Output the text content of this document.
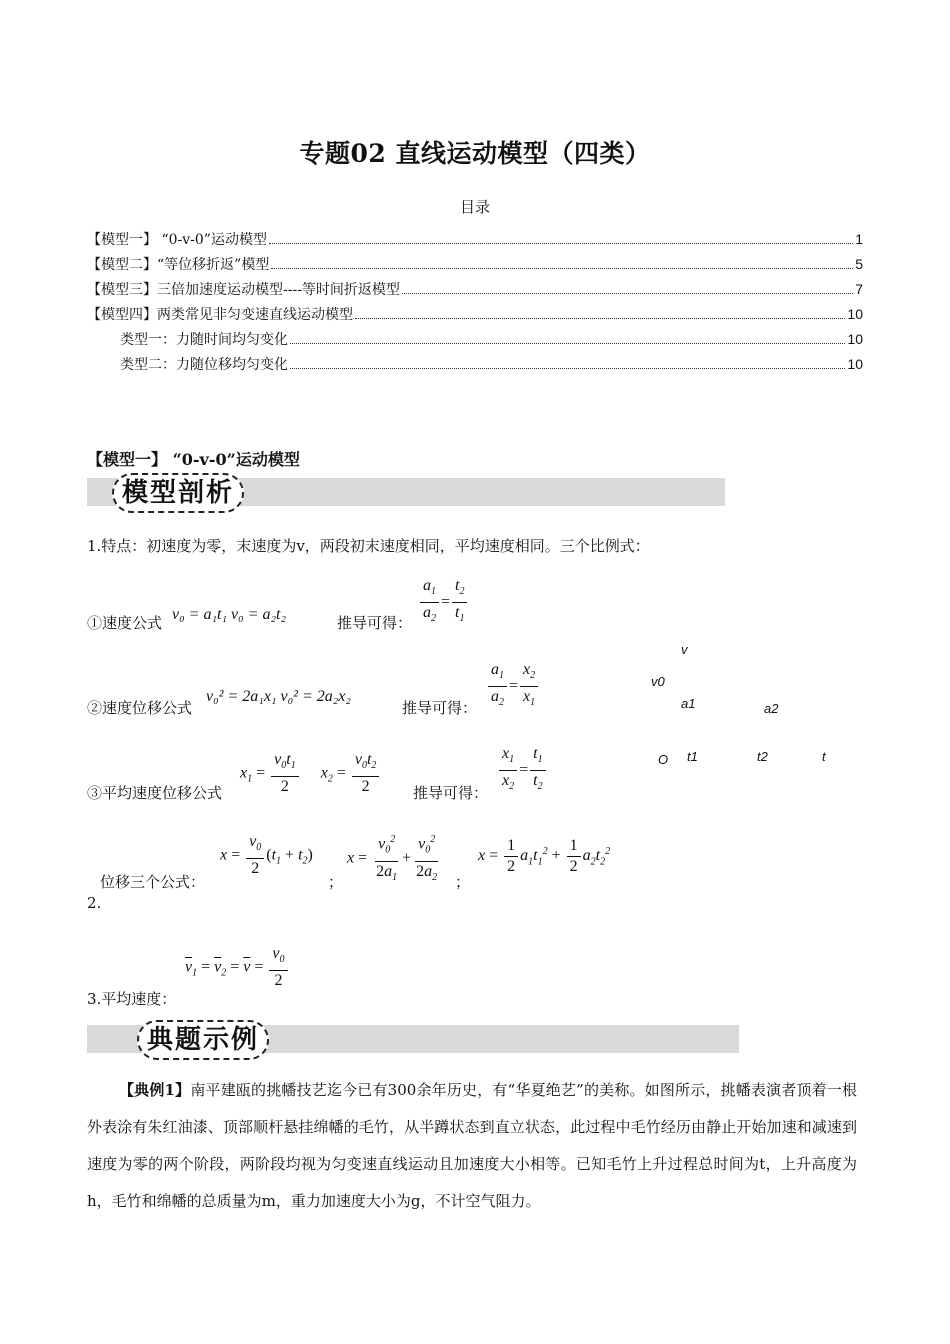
专题02 直线运动模型（四类）
目录
【模型一】 “0-v-0”运动模型	1
【模型二】“等位移折返”模型	5
【模型三】三倍加速度运动模型----等时间折返模型	7
【模型四】两类常见非匀变速直线运动模型	10
类型一：力随时间均匀变化	10
类型二：力随位移均匀变化	10
【模型一】 “0-v-0”运动模型
模型剖析
1.特点：初速度为零，末速度为v，两段初末速度相同，平均速度相同。三个比例式：
①速度公式 v₀ = a₁t₁ v₀ = a₂t₂	推导可得： $\frac{a_1}{a_2} = \frac{t_2}{t_1}$
②速度位移公式
v₀² = 2a₁x₁ v₀² = 2a₂x₂
推导可得： $\frac{a_1}{a_2} = \frac{x_2}{x_1}$
③平均速度位移公式
$x_1 = \frac{v_0t_1}{2} x_2 = \frac{v_0t_2}{2}$ 推导可得： $\frac{x_1}{x_2} = \frac{t_1}{t_2}$
v
v0
a1	a2
O t1	t2	t
$x = \frac{v_0}{2} (t_1 + t_2) x = \frac{v_0^2}{2a_1} + \frac{v_0^2}{2a_2}$ $x = \frac{1}{2} a_1t_1^2 + \frac{1}{2} a_2t_2^2$
位移三个公式：	；	；
2.
$\overline{v}_1 = \overline{v}_2 = \overline{v} = \frac{v_0}{2}$
3.平均速度：
典题示例
【典例1】南平建瓯的挑幡技艺迄今已有300余年历史，有“华夏绝艺”的美称。如图所示，挑幡表演者顶着一根外表涂有朱红油漆、顶部顺杆悬挂绵幡的毛竹，从半蹲状态到直立状态，此过程中毛竹经历由静止开始加速和减速到速度为零的两个阶段，两阶段均视为匀变速直线运动且加速度大小相等。已知毛竹上升过程总时间为t，上升高度为h，毛竹和绵幡的总质量为m，重力加速度大小为g，不计空气阻力。
